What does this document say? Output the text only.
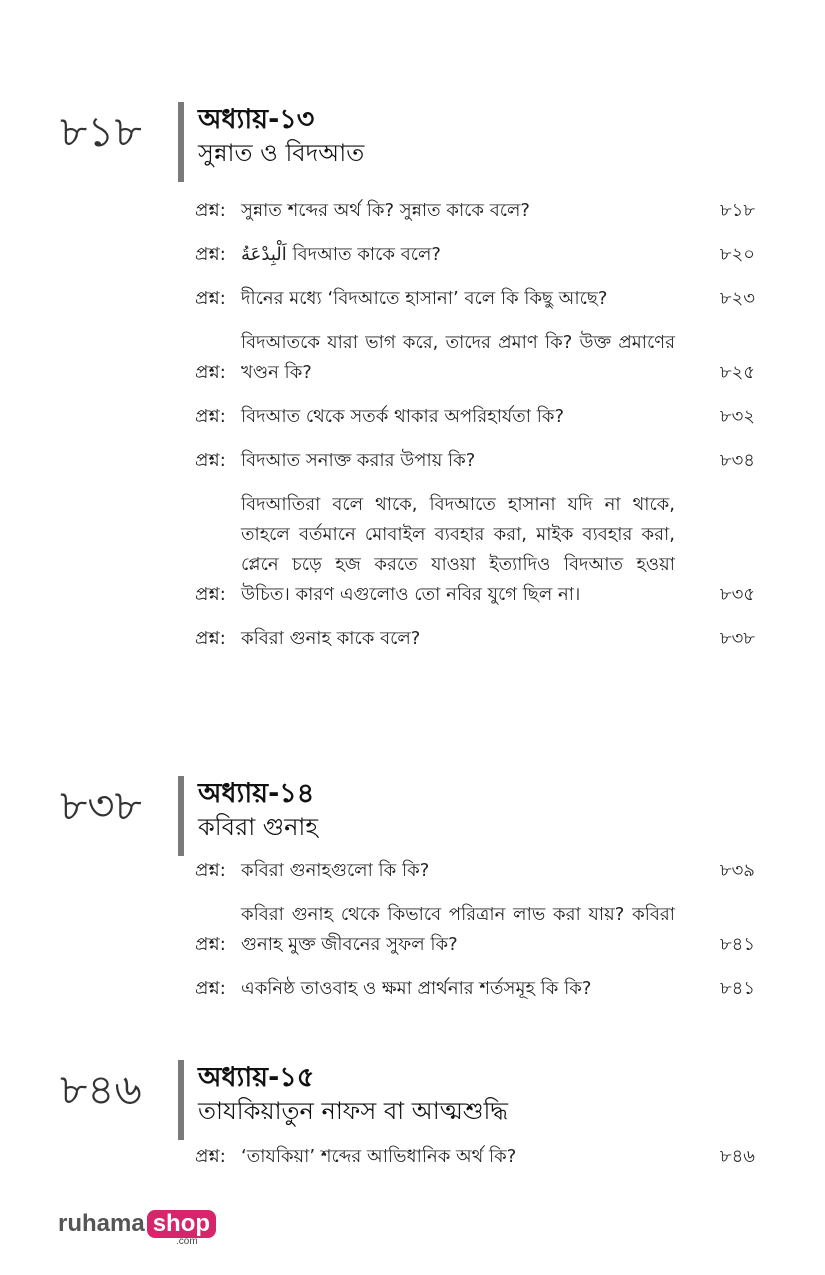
৮১৮	অধ্যায়-১৩
সুন্নাত ও বিদআত
প্রশ্ন: সুন্নাত শব্দের অর্থ কি? সুন্নাত কাকে বলে?	৮১৮
প্রশ্ন: اَلْبِدْعَةُ বিদআত কাকে বলে?	৮২০
প্রশ্ন: দীনের মধ্যে ‘বিদআতে হাসানা’ বলে কি কিছু আছে?	৮২৩
প্রশ্ন:
বিদআতকে যারা ভাগ করে, তাদের প্রমাণ কি? উক্ত প্রমাণের খণ্ডন কি?	৮২৫
প্রশ্ন: বিদআত থেকে সতর্ক থাকার অপরিহার্যতা কি?	৮৩২
প্রশ্ন: বিদআত সনাক্ত করার উপায় কি?	৮৩৪
প্রশ্ন:
বিদআতিরা বলে থাকে, বিদআতে হাসানা যদি না থাকে, তাহলে বর্তমানে মোবাইল ব্যবহার করা, মাইক ব্যবহার করা, প্লেনে চড়ে হজ করতে যাওয়া ইত্যাদিও বিদআত হওয়া উচিত। কারণ এগুলোও তো নবির যুগে ছিল না।	৮৩৫
প্রশ্ন: কবিরা গুনাহ কাকে বলে?	৮৩৮
৮৩৮	অধ্যায়-১৪
কবিরা গুনাহ
প্রশ্ন: কবিরা গুনাহগুলো কি কি?	৮৩৯
প্রশ্ন:
কবিরা গুনাহ থেকে কিভাবে পরিত্রান লাভ করা যায়? কবিরা গুনাহ মুক্ত জীবনের সুফল কি?	৮৪১
প্রশ্ন: একনিষ্ঠ তাওবাহ ও ক্ষমা প্রার্থনার শর্তসমূহ কি কি?	৮৪১
৮৪৬	অধ্যায়-১৫
তাযকিয়াতুন নাফস বা আত্মশুদ্ধি
প্রশ্ন: ‘তাযকিয়া’ শব্দের আভিধানিক অর্থ কি?	৮৪৬
ruhama shop
.com
